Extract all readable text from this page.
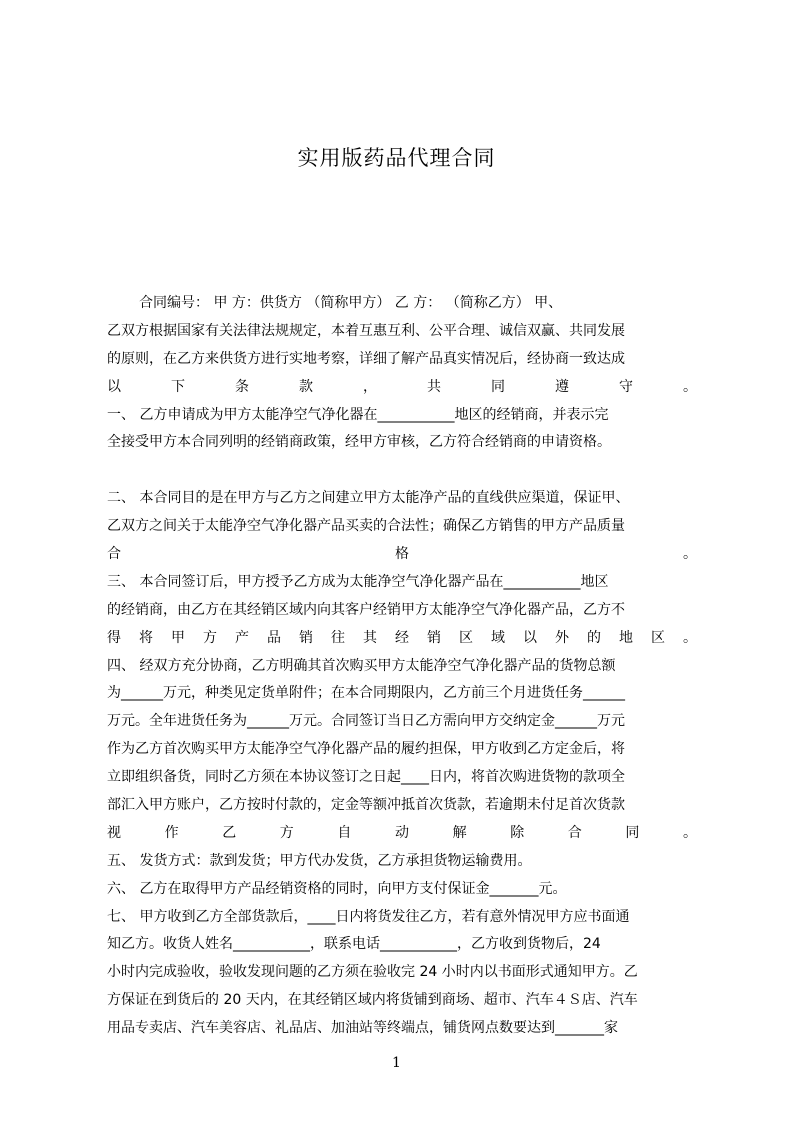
实用版药品代理合同
合同编号： 甲 方：供货方 （简称甲方） 乙 方： （简称乙方） 甲、
乙双方根据国家有关法律法规规定，本着互惠互利、公平合理、诚信双赢、共同发展
的原则，在乙方来供货方进行实地考察，详细了解产品真实情况后，经协商一致达成
以下条款，共同遵守。
一、 乙方申请成为甲方太能净空气净化器在___________地区的经销商，并表示完
全接受甲方本合同列明的经销商政策，经甲方审核，乙方符合经销商的申请资格。
二、 本合同目的是在甲方与乙方之间建立甲方太能净产品的直线供应渠道，保证甲、
乙双方之间关于太能净空气净化器产品买卖的合法性；确保乙方销售的甲方产品质量
合格。
三、 本合同签订后，甲方授予乙方成为太能净空气净化器产品在___________地区
的经销商，由乙方在其经销区域内向其客户经销甲方太能净空气净化器产品，乙方不
得将甲方产品销往其经销区域以外的地区。
四、 经双方充分协商，乙方明确其首次购买甲方太能净空气净化器产品的货物总额
为______万元，种类见定货单附件；在本合同期限内，乙方前三个月进货任务______
万元。全年进货任务为______万元。合同签订当日乙方需向甲方交纳定金______万元
作为乙方首次购买甲方太能净空气净化器产品的履约担保，甲方收到乙方定金后，将
立即组织备货，同时乙方须在本协议签订之日起____日内，将首次购进货物的款项全
部汇入甲方账户，乙方按时付款的，定金等额冲抵首次货款，若逾期未付足首次货款
视作乙方自动解除合同。
五、 发货方式：款到发货；甲方代办发货，乙方承担货物运输费用。
六、 乙方在取得甲方产品经销资格的同时，向甲方支付保证金_______元。
七、 甲方收到乙方全部货款后，____日内将货发往乙方，若有意外情况甲方应书面通
知乙方。收货人姓名___________，联系电话___________，乙方收到货物后，24
小时内完成验收，验收发现问题的乙方须在验收完 24 小时内以书面形式通知甲方。乙
方保证在到货后的 20 天内，在其经销区域内将货铺到商场、超市、汽车４Ｓ店、汽车
用品专卖店、汽车美容店、礼品店、加油站等终端点，铺货网点数要达到_______家
1
